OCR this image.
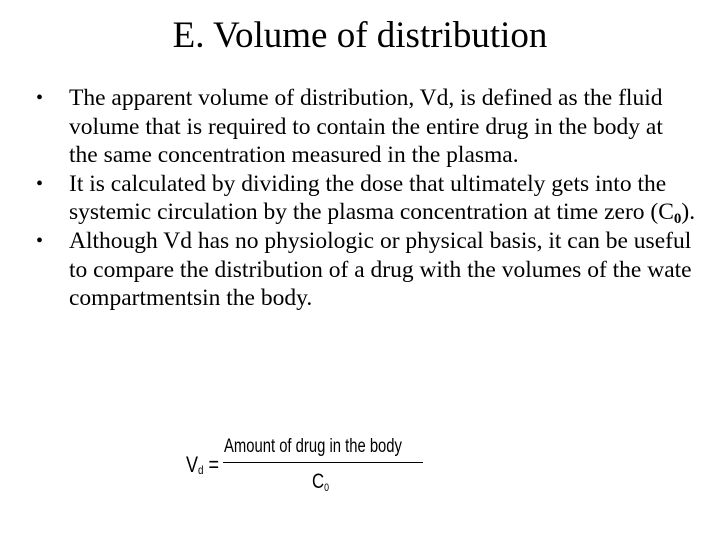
E. Volume of distribution
•	The apparent volume of distribution, Vd, is defined as the fluid volume that is required to contain the entire drug in the body at the same concentration measured in the plasma.
•	It is calculated by dividing the dose that ultimately gets into the systemic circulation by the plasma concentration at time zero $(C_0)$.
•	Although Vd has no physiologic or physical basis, it can be useful to compare the distribution of a drug with the volumes of the wate compartmentsin the body.
Vd =
Amount of drug in the body
C0
